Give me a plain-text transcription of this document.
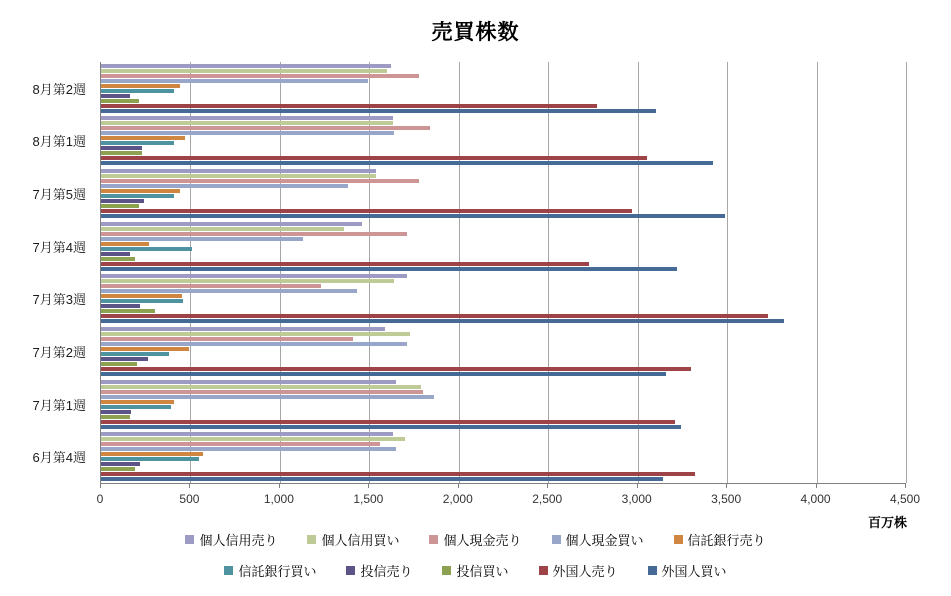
売買株数
8月第2週
8月第1週
7月第5週
7月第4週
7月第3週
7月第2週
7月第1週
6月第4週
0	500	1,000	1,500	2,000	2,500	3,000	3,500	4,000	4,500
百万株
個人信用売り	個人信用買い	個人現金売り	個人現金買い	信託銀行売り
信託銀行買い	投信売り	投信買い	外国人売り	外国人買い
